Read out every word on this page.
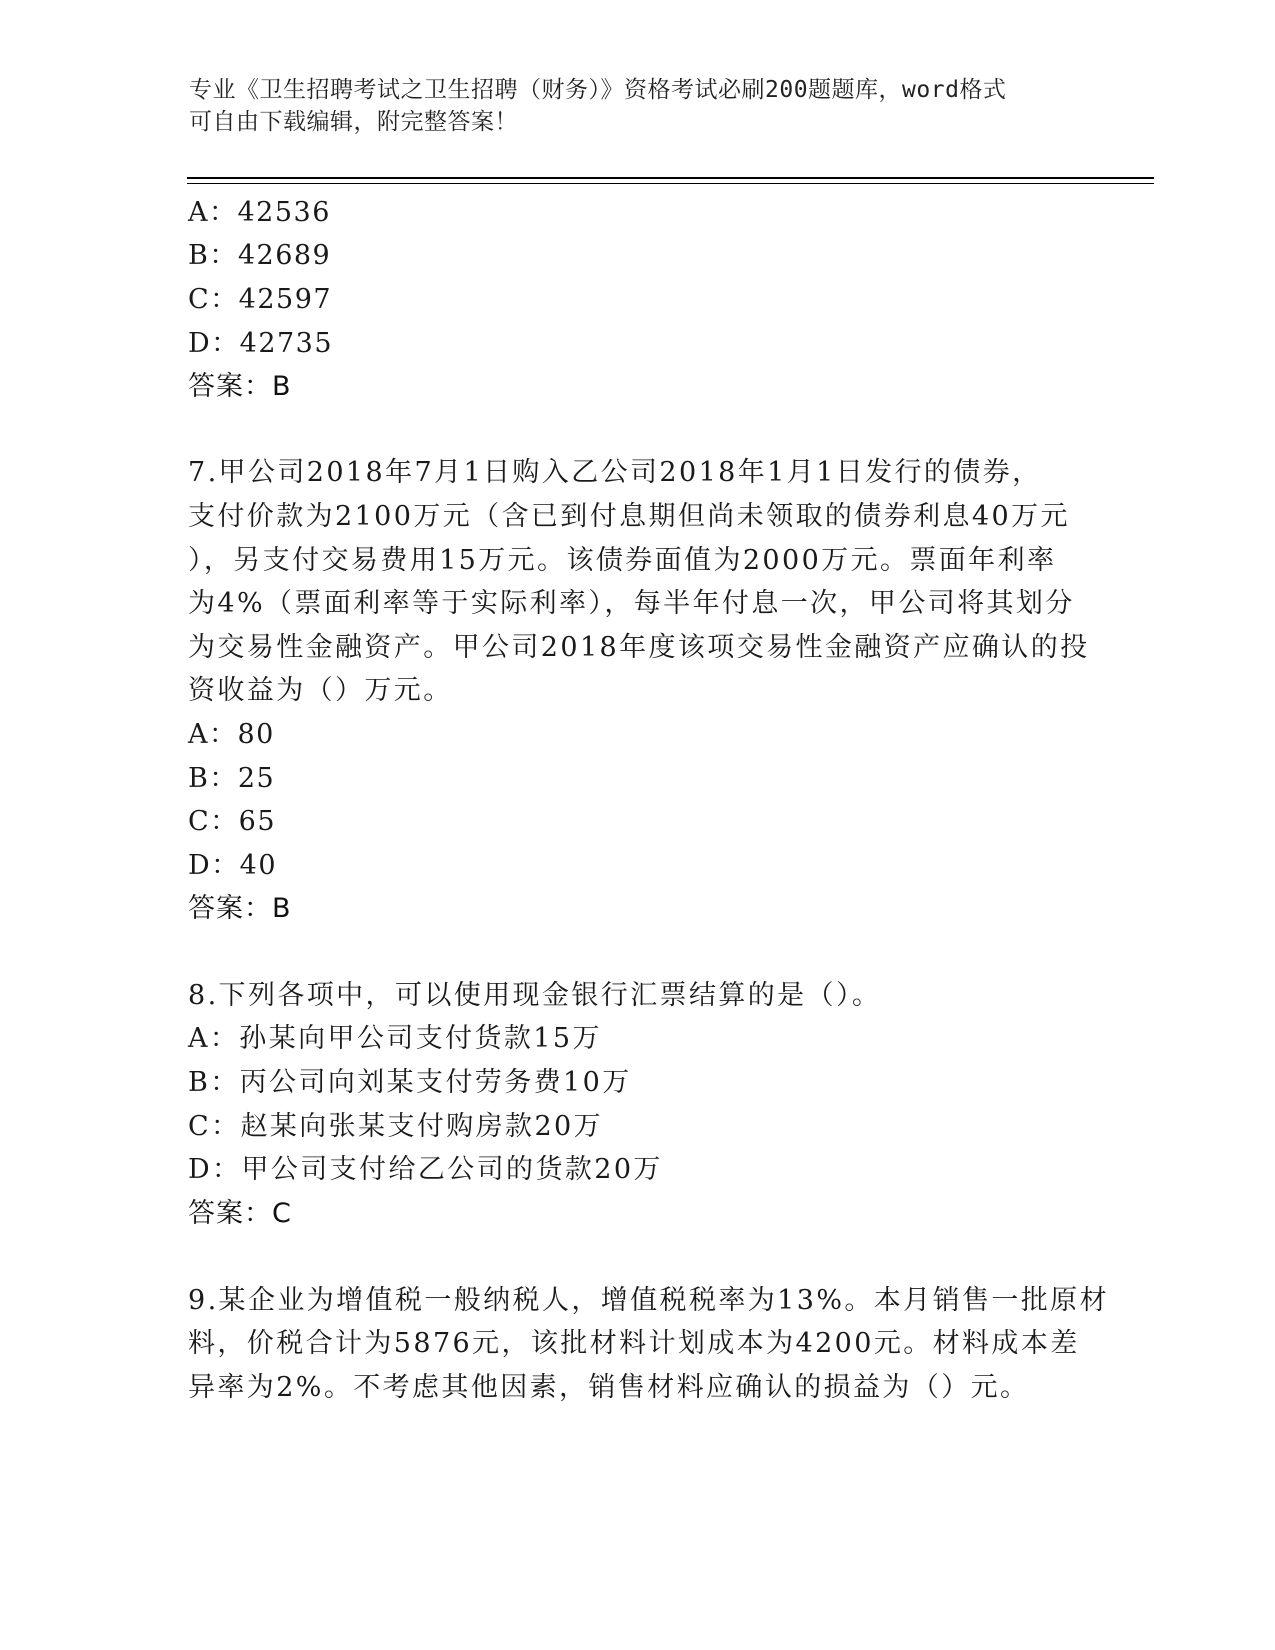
专业《卫生招聘考试之卫生招聘（财务）》资格考试必刷200题题库，word格式
可自由下载编辑，附完整答案！
A：42536
B：42689
C：42597
D：42735
答案：B
7.甲公司2018年7月1日购入乙公司2018年1月1日发行的债券，
支付价款为2100万元（含已到付息期但尚未领取的债券利息40万元
），另支付交易费用15万元。该债券面值为2000万元。票面年利率
为4%（票面利率等于实际利率），每半年付息一次，甲公司将其划分
为交易性金融资产。甲公司2018年度该项交易性金融资产应确认的投
资收益为（）万元。
A：80
B：25
C：65
D：40
答案：B
8.下列各项中，可以使用现金银行汇票结算的是（）。
A：孙某向甲公司支付货款15万
B：丙公司向刘某支付劳务费10万
C：赵某向张某支付购房款20万
D：甲公司支付给乙公司的货款20万
答案：C
9.某企业为增值税一般纳税人，增值税税率为13%。本月销售一批原材
料，价税合计为5876元，该批材料计划成本为4200元。材料成本差
异率为2%。不考虑其他因素，销售材料应确认的损益为（）元。
